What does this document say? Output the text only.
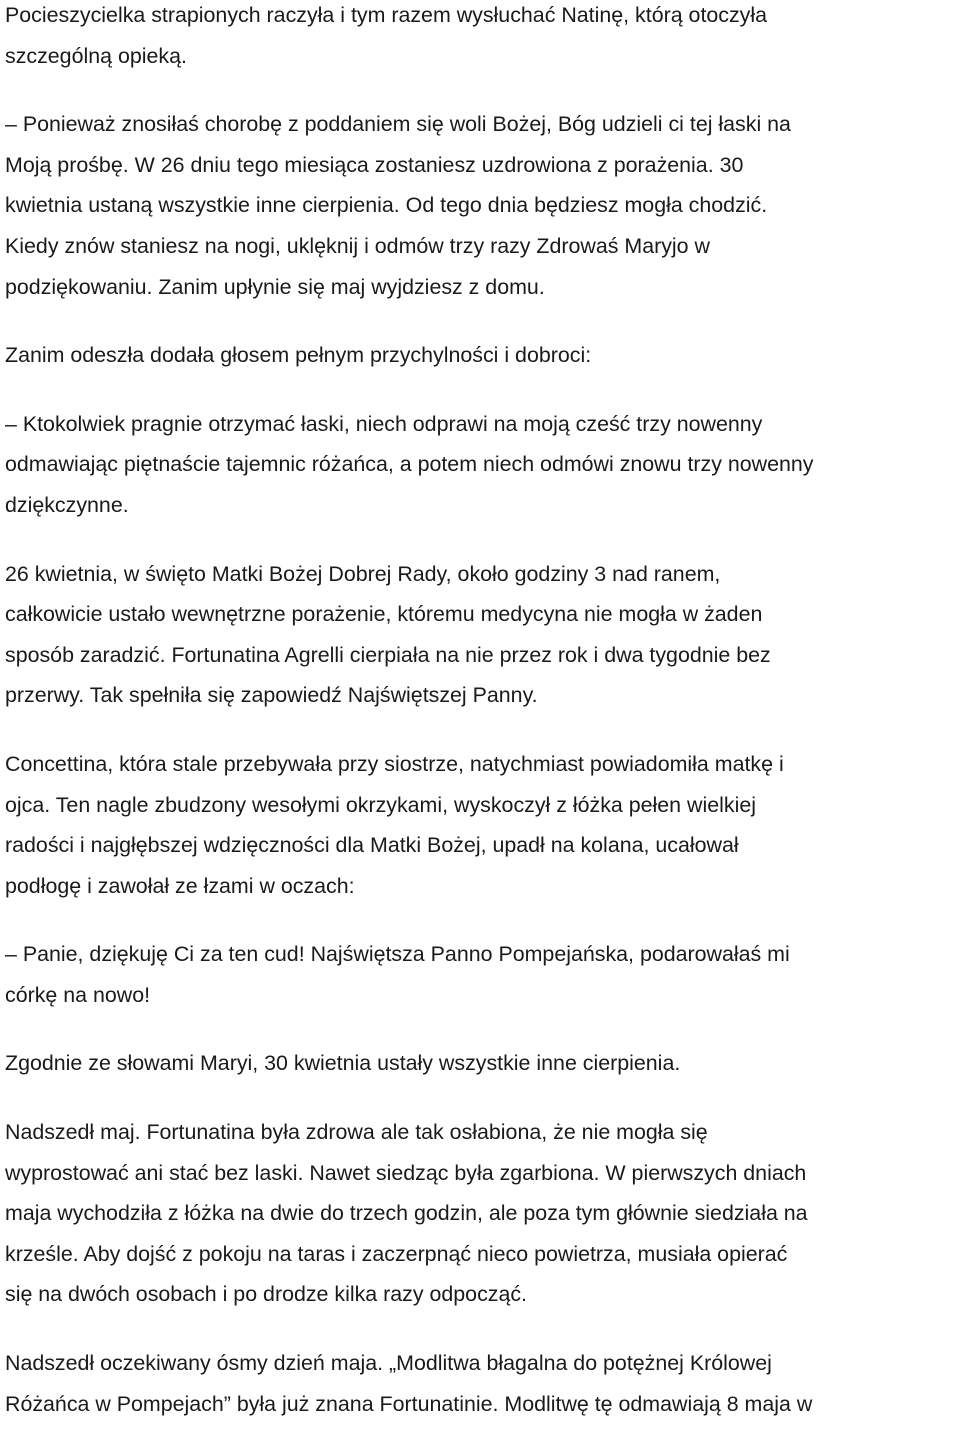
Pocieszycielka strapionych raczyła i tym razem wysłuchać Natinę, którą otoczyła
szczególną opieką.
– Ponieważ znosiłaś chorobę z poddaniem się woli Bożej, Bóg udzieli ci tej łaski na
Moją prośbę. W 26 dniu tego miesiąca zostaniesz uzdrowiona z porażenia. 30
kwietnia ustaną wszystkie inne cierpienia. Od tego dnia będziesz mogła chodzić.
Kiedy znów staniesz na nogi, uklęknij i odmów trzy razy Zdrowaś Maryjo w
podziękowaniu. Zanim upłynie się maj wyjdziesz z domu.
Zanim odeszła dodała głosem pełnym przychylności i dobroci:
– Ktokolwiek pragnie otrzymać łaski, niech odprawi na moją cześć trzy nowenny
odmawiając piętnaście tajemnic różańca, a potem niech odmówi znowu trzy nowenny
dziękczynne.
26 kwietnia, w święto Matki Bożej Dobrej Rady, około godziny 3 nad ranem,
całkowicie ustało wewnętrzne porażenie, któremu medycyna nie mogła w żaden
sposób zaradzić. Fortunatina Agrelli cierpiała na nie przez rok i dwa tygodnie bez
przerwy. Tak spełniła się zapowiedź Najświętszej Panny.
Concettina, która stale przebywała przy siostrze, natychmiast powiadomiła matkę i
ojca. Ten nagle zbudzony wesołymi okrzykami, wyskoczył z łóżka pełen wielkiej
radości i najgłębszej wdzięczności dla Matki Bożej, upadł na kolana, ucałował
podłogę i zawołał ze łzami w oczach:
– Panie, dziękuję Ci za ten cud! Najświętsza Panno Pompejańska, podarowałaś mi
córkę na nowo!
Zgodnie ze słowami Maryi, 30 kwietnia ustały wszystkie inne cierpienia.
Nadszedł maj. Fortunatina była zdrowa ale tak osłabiona, że nie mogła się
wyprostować ani stać bez laski. Nawet siedząc była zgarbiona. W pierwszych dniach
maja wychodziła z łóżka na dwie do trzech godzin, ale poza tym głównie siedziała na
krześle. Aby dojść z pokoju na taras i zaczerpnąć nieco powietrza, musiała opierać
się na dwóch osobach i po drodze kilka razy odpocząć.
Nadszedł oczekiwany ósmy dzień maja. „Modlitwa błagalna do potężnej Królowej
Różańca w Pompejach” była już znana Fortunatinie. Modlitwę tę odmawiają 8 maja w
